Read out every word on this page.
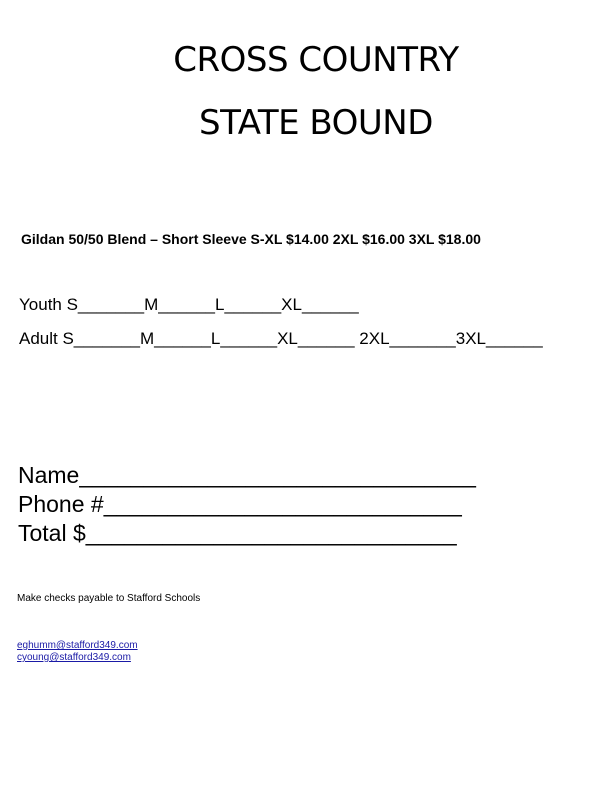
CROSS COUNTRY
STATE BOUND

Gildan 50/50 Blend – Short Sleeve S-XL $14.00 2XL $16.00 3XL $18.00

Youth S_______M______L______XL______

Adult S_______M______L______XL______ 2XL_______3XL______

Name_______________________________

Phone #____________________________

Total $_____________________________

Make checks payable to Stafford Schools

eghumm@stafford349.com
cyoung@stafford349.com
